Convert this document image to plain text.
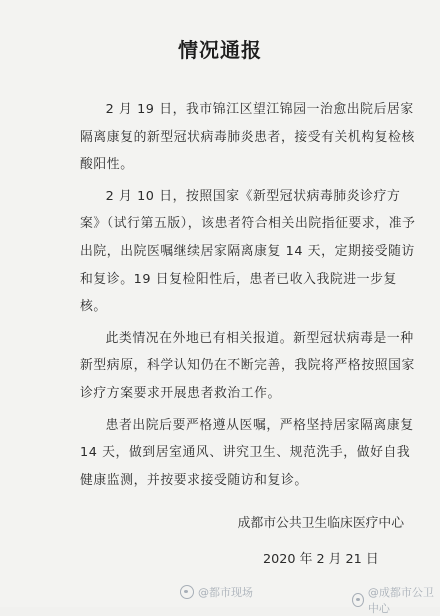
情况通报

2 月 19 日，我市锦江区望江锦园一治愈出院后居家隔离康复的新型冠状病毒肺炎患者，接受有关机构复检核酸阳性。

2 月 10 日，按照国家《新型冠状病毒肺炎诊疗方案》（试行第五版），该患者符合相关出院指征要求，准予出院，出院医嘱继续居家隔离康复 14 天，定期接受随访和复诊。19 日复检阳性后，患者已收入我院进一步复核。

此类情况在外地已有相关报道。新型冠状病毒是一种新型病原，科学认知仍在不断完善，我院将严格按照国家诊疗方案要求开展患者救治工作。

患者出院后要严格遵从医嘱，严格坚持居家隔离康复 14 天，做到居室通风、讲究卫生、规范洗手，做好自我健康监测，并按要求接受随访和复诊。

成都市公共卫生临床医疗中心
2020 年 2 月 21 日
@都市现场	@成都市公卫中心
